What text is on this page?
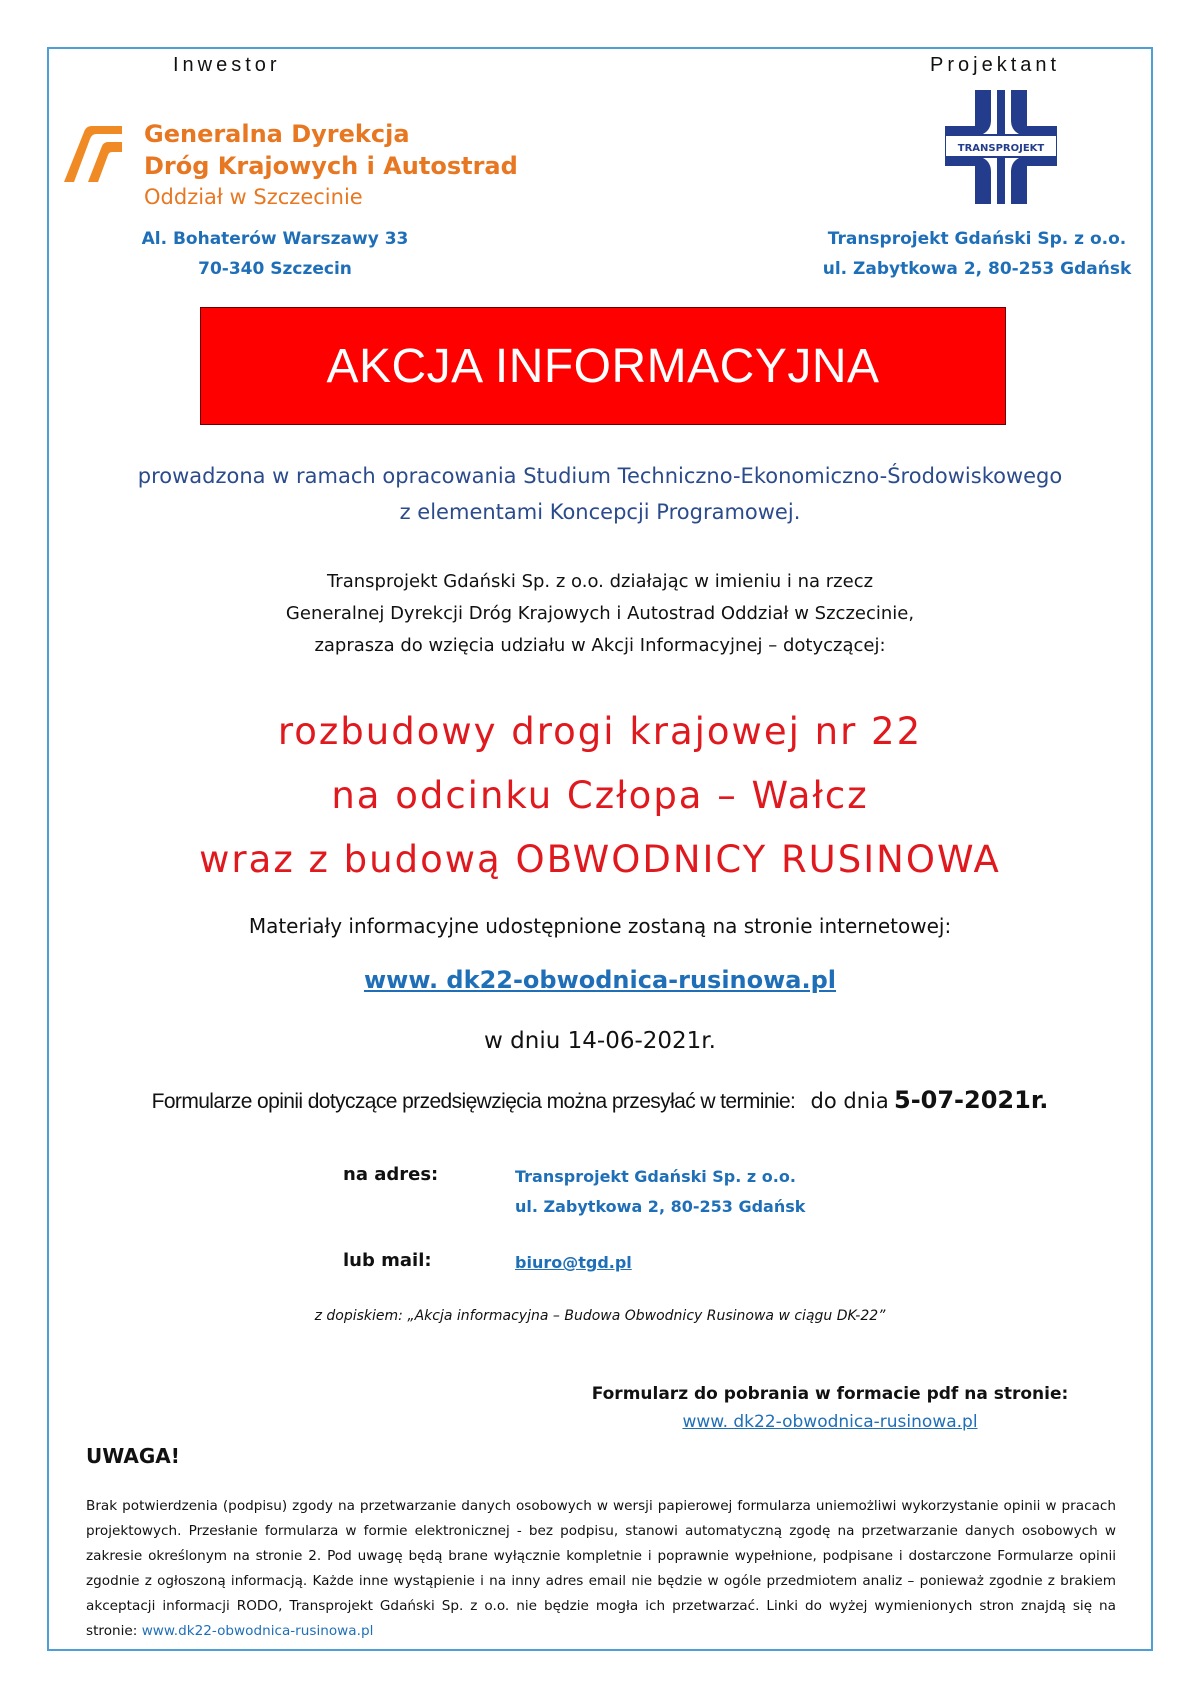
Inwestor	Projektant
Generalna Dyrekcja
Dróg Krajowych i Autostrad
Oddział w Szczecinie
TRANSPROJEKT
Al. Bohaterów Warszawy 33
70-340 Szczecin
Transprojekt Gdański Sp. z o.o.
ul. Zabytkowa 2, 80-253 Gdańsk
AKCJA INFORMACYJNA
prowadzona w ramach opracowania Studium Techniczno-Ekonomiczno-Środowiskowego
z elementami Koncepcji Programowej.
Transprojekt Gdański Sp. z o.o. działając w imieniu i na rzecz
Generalnej Dyrekcji Dróg Krajowych i Autostrad Oddział w Szczecinie,
zaprasza do wzięcia udziału w Akcji Informacyjnej – dotyczącej:
rozbudowy drogi krajowej nr 22
na odcinku Człopa – Wałcz
wraz z budową OBWODNICY RUSINOWA
Materiały informacyjne udostępnione zostaną na stronie internetowej:
www. dk22-obwodnica-rusinowa.pl
w dniu 14-06-2021r.
Formularze opinii dotyczące przedsięwzięcia można przesyłać w terminie: do dnia 5-07-2021r.
na adres:	Transprojekt Gdański Sp. z o.o.
ul. Zabytkowa 2, 80-253 Gdańsk
lub mail:	biuro@tgd.pl
z dopiskiem: „Akcja informacyjna – Budowa Obwodnicy Rusinowa w ciągu DK-22”
Formularz do pobrania w formacie pdf na stronie:
www. dk22-obwodnica-rusinowa.pl
UWAGA!
Brak potwierdzenia (podpisu) zgody na przetwarzanie danych osobowych w wersji papierowej formularza uniemożliwi wykorzystanie opinii w pracach projektowych. Przesłanie formularza w formie elektronicznej - bez podpisu, stanowi automatyczną zgodę na przetwarzanie danych osobowych w zakresie określonym na stronie 2. Pod uwagę będą brane wyłącznie kompletnie i poprawnie wypełnione, podpisane i dostarczone Formularze opinii zgodnie z ogłoszoną informacją. Każde inne wystąpienie i na inny adres email nie będzie w ogóle przedmiotem analiz – ponieważ zgodnie z brakiem akceptacji informacji RODO, Transprojekt Gdański Sp. z o.o. nie będzie mogła ich przetwarzać. Linki do wyżej wymienionych stron znajdą się na stronie: www.dk22-obwodnica-rusinowa.pl
